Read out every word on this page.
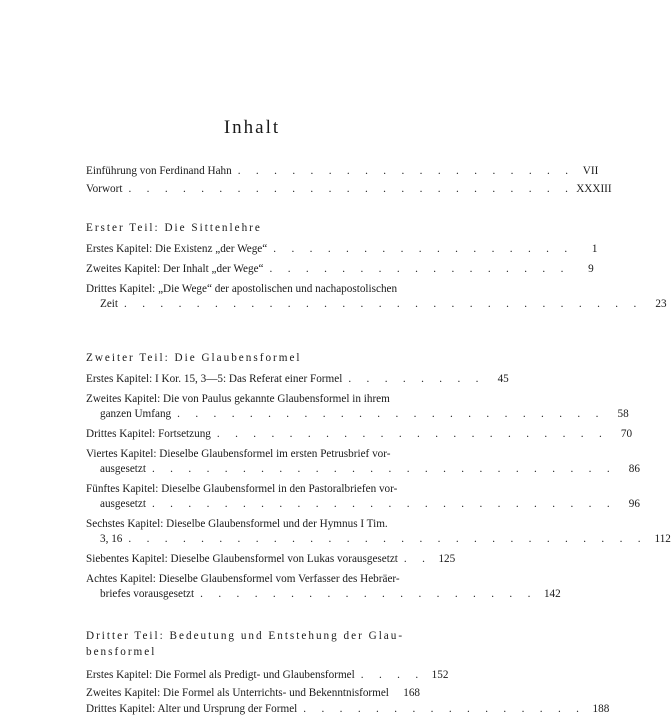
Inhalt
Einführung von Ferdinand Hahn . . . . . . . . . . . . . . . . . . . VII
Vorwort . . . . . . . . . . . . . . . . . . . . . . . . . XXXIII
Erster Teil: Die Sittenlehre
Erstes Kapitel: Die Existenz „der Wege“ . . . . . . . . . . . . . . . . .	1
Zweites Kapitel: Der Inhalt „der Wege“ . . . . . . . . . . . . . . . . .	9
Drittes Kapitel: „Die Wege“ der apostolischen und nachapostolischen
Zeit . . . . . . . . . . . . . . . . . . . . . . . . . . . . .	23
Zweiter Teil: Die Glaubensformel
Erstes Kapitel: I Kor. 15, 3—5: Das Referat einer Formel . . . . . . . .	45
Zweites Kapitel: Die von Paulus gekannte Glaubensformel in ihrem
ganzen Umfang . . . . . . . . . . . . . . . . . . . . . . . .	58
Drittes Kapitel: Fortsetzung . . . . . . . . . . . . . . . . . . . . . .	70
Viertes Kapitel: Dieselbe Glaubensformel im ersten Petrusbrief vor-
ausgesetzt . . . . . . . . . . . . . . . . . . . . . . . . . .	86
Fünftes Kapitel: Dieselbe Glaubensformel in den Pastoralbriefen vor-
ausgesetzt . . . . . . . . . . . . . . . . . . . . . . . . . .	96
Sechstes Kapitel: Dieselbe Glaubensformel und der Hymnus I Tim.
3, 16 . . . . . . . . . . . . . . . . . . . . . . . . . . . . . 112
Siebentes Kapitel: Dieselbe Glaubensformel von Lukas vorausgesetzt . . 125
Achtes Kapitel: Dieselbe Glaubensformel vom Verfasser des Hebräer-
briefes vorausgesetzt . . . . . . . . . . . . . . . . . . . 142
Dritter Teil: Bedeutung und Entstehung der Glau-
bensformel
Erstes Kapitel: Die Formel als Predigt- und Glaubensformel . . . . 152
Zweites Kapitel: Die Formel als Unterrichts- und Bekenntnisformel	168
Drittes Kapitel: Alter und Ursprung der Formel . . . . . . . . . . . . . . . . 188
